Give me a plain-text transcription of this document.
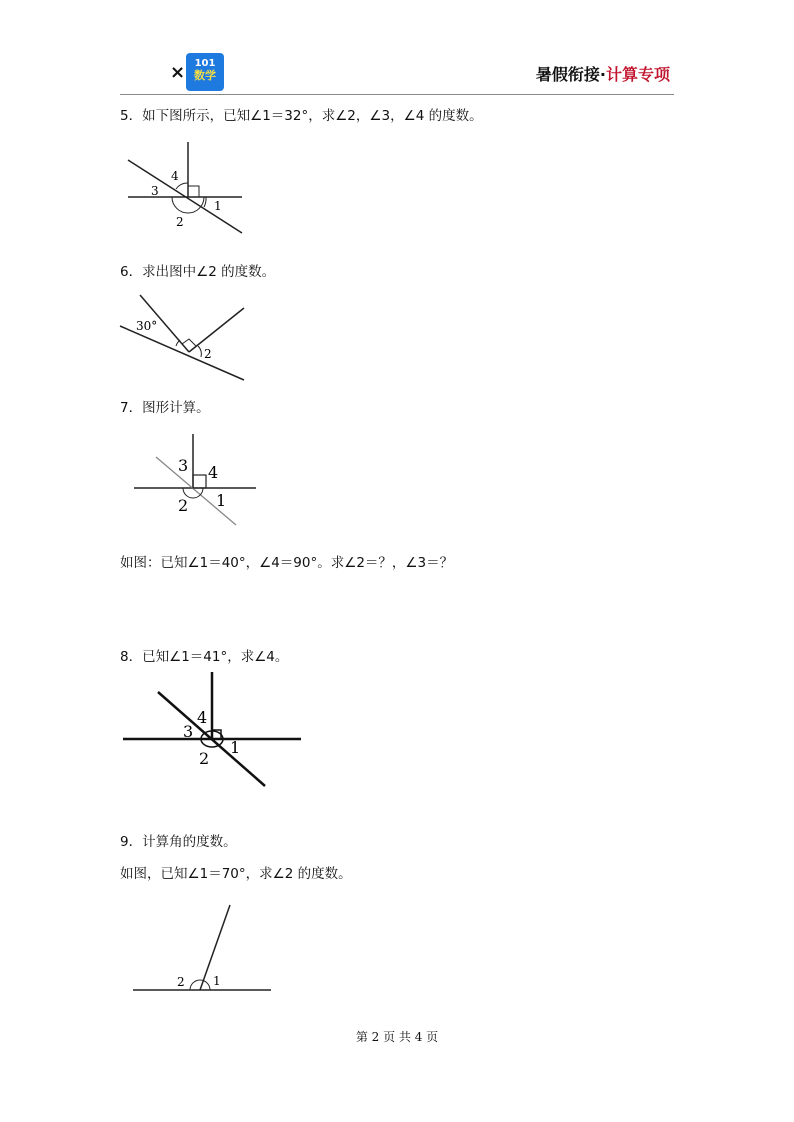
× 101
数学	暑假衔接·计算专项
5．如下图所示，已知∠1＝32°，求∠2，∠3，∠4 的度数。
4
3
2
1
6．求出图中∠2 的度数。
30°
2
7．图形计算。
3 4
2 1
如图：已知∠1＝40°，∠4＝90°。求∠2＝？，∠3＝？
8．已知∠1＝41°，求∠4。
4
3
2
1
9．计算角的度数。
如图，已知∠1＝70°，求∠2 的度数。
2 1
第 2 页 共 4 页
